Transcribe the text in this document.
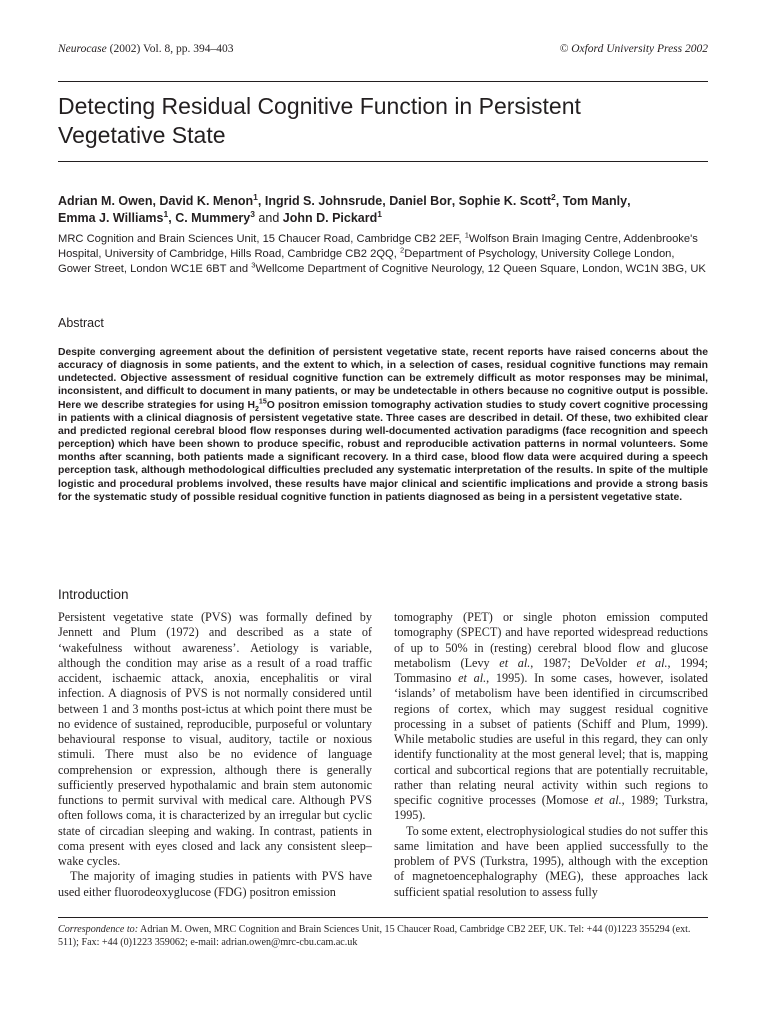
Neurocase (2002) Vol. 8, pp. 394–403	© Oxford University Press 2002
Detecting Residual Cognitive Function in Persistent
Vegetative State
Adrian M. Owen, David K. Menon$^1$, Ingrid S. Johnsrude, Daniel Bor, Sophie K. Scott$^2$, Tom Manly,
Emma J. Williams$^1$, C. Mummery$^3$ and John D. Pickard$^1$
MRC Cognition and Brain Sciences Unit, 15 Chaucer Road, Cambridge CB2 2EF, $^1$Wolfson Brain Imaging Centre, Addenbrooke's Hospital, University of Cambridge, Hills Road, Cambridge CB2 2QQ, $^2$Department of Psychology, University College London, Gower Street, London WC1E 6BT and $^3$Wellcome Department of Cognitive Neurology, 12 Queen Square, London, WC1N 3BG, UK
Abstract
Despite converging agreement about the definition of persistent vegetative state, recent reports have raised concerns about the accuracy of diagnosis in some patients, and the extent to which, in a selection of cases, residual cognitive functions may remain undetected. Objective assessment of residual cognitive function can be extremely difficult as motor responses may be minimal, inconsistent, and difficult to document in many patients, or may be undetectable in others because no cognitive output is possible. Here we describe strategies for using $H_2^{15}O$ positron emission tomography activation studies to study covert cognitive processing in patients with a clinical diagnosis of persistent vegetative state. Three cases are described in detail. Of these, two exhibited clear and predicted regional cerebral blood flow responses during well-documented activation paradigms (face recognition and speech perception) which have been shown to produce specific, robust and reproducible activation patterns in normal volunteers. Some months after scanning, both patients made a significant recovery. In a third case, blood flow data were acquired during a speech perception task, although methodological difficulties precluded any systematic interpretation of the results. In spite of the multiple logistic and procedural problems involved, these results have major clinical and scientific implications and provide a strong basis for the systematic study of possible residual cognitive function in patients diagnosed as being in a persistent vegetative state.
Introduction

Persistent vegetative state (PVS) was formally defined by Jennett and Plum (1972) and described as a state of ‘wakefulness without awareness’. Aetiology is variable, although the condition may arise as a result of a road traffic accident, ischaemic attack, anoxia, encephalitis or viral infection. A diagnosis of PVS is not normally considered until between 1 and 3 months post-ictus at which point there must be no evidence of sustained, reproducible, purposeful or voluntary behavioural response to visual, auditory, tactile or noxious stimuli. There must also be no evidence of language comprehension or expression, although there is generally sufficiently preserved hypothalamic and brain stem autonomic functions to permit survival with medical care. Although PVS often follows coma, it is characterized by an irregular but cyclic state of circadian sleeping and waking. In contrast, patients in coma present with eyes closed and lack any consistent sleep–wake cycles.

The majority of imaging studies in patients with PVS have used either fluorodeoxyglucose (FDG) positron emission

tomography (PET) or single photon emission computed tomography (SPECT) and have reported widespread reductions of up to 50% in (resting) cerebral blood flow and glucose metabolism (Levy et al., 1987; DeVolder et al., 1994; Tommasino et al., 1995). In some cases, however, isolated ‘islands’ of metabolism have been identified in circumscribed regions of cortex, which may suggest residual cognitive processing in a subset of patients (Schiff and Plum, 1999). While metabolic studies are useful in this regard, they can only identify functionality at the most general level; that is, mapping cortical and subcortical regions that are potentially recruitable, rather than relating neural activity within such regions to specific cognitive processes (Momose et al., 1989; Turkstra, 1995).

To some extent, electrophysiological studies do not suffer this same limitation and have been applied successfully to the problem of PVS (Turkstra, 1995), although with the exception of magnetoencephalography (MEG), these approaches lack sufficient spatial resolution to assess fully

Correspondence to: Adrian M. Owen, MRC Cognition and Brain Sciences Unit, 15 Chaucer Road, Cambridge CB2 2EF, UK. Tel: +44 (0)1223 355294 (ext. 511); Fax: +44 (0)1223 359062; e-mail: adrian.owen@mrc-cbu.cam.ac.uk
